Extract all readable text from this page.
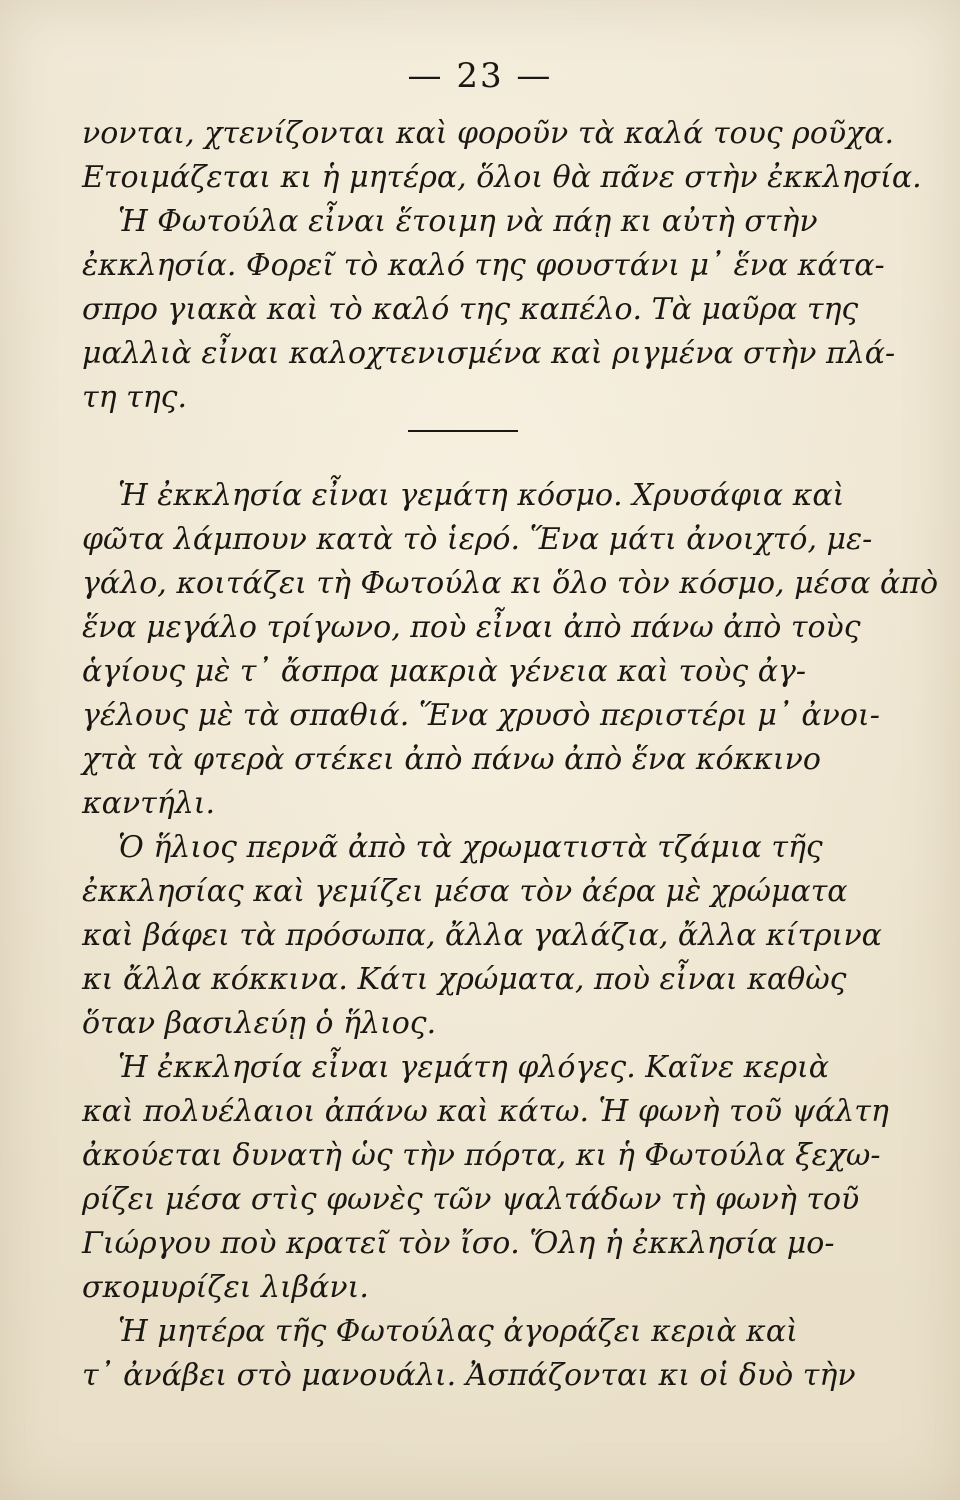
— 23 —
νονται, χτενίζονται καὶ φοροῦν τὰ καλά τους ροῦχα.
Ετοιμάζεται κι ἡ μητέρα, ὅλοι θὰ πᾶνε στὴν ἐκκλησία.
Ἡ Φωτούλα εἶναι ἕτοιμη νὰ πάῃ κι αὐτὴ στὴν
ἐκκλησία. Φορεῖ τὸ καλό της φουστάνι μ᾽ ἕνα κάτα-
σπρο γιακὰ καὶ τὸ καλό της καπέλο. Τὰ μαῦρα της
μαλλιὰ εἶναι καλοχτενισμένα καὶ ριγμένα στὴν πλά-
τη της.
Ἡ ἐκκλησία εἶναι γεμάτη κόσμο. Χρυσάφια καὶ
φῶτα λάμπουν κατὰ τὸ ἱερό. Ἕνα μάτι ἀνοιχτό, με-
γάλο, κοιτάζει τὴ Φωτούλα κι ὅλο τὸν κόσμο, μέσα ἀπὸ
ἕνα μεγάλο τρίγωνο, ποὺ εἶναι ἀπὸ πάνω ἀπὸ τοὺς
ἁγίους μὲ τ᾽ ἄσπρα μακριὰ γένεια καὶ τοὺς ἀγ-
γέλους μὲ τὰ σπαθιά. Ἕνα χρυσὸ περιστέρι μ᾽ ἀνοι-
χτὰ τὰ φτερὰ στέκει ἀπὸ πάνω ἀπὸ ἕνα κόκκινο
καντήλι.
Ὁ ἥλιος περνᾶ ἀπὸ τὰ χρωματιστὰ τζάμια τῆς
ἐκκλησίας καὶ γεμίζει μέσα τὸν ἀέρα μὲ χρώματα
καὶ βάφει τὰ πρόσωπα, ἄλλα γαλάζια, ἄλλα κίτρινα
κι ἄλλα κόκκινα. Κάτι χρώματα, ποὺ εἶναι καθὼς
ὅταν βασιλεύῃ ὁ ἥλιος.
Ἡ ἐκκλησία εἶναι γεμάτη φλόγες. Καῖνε κεριὰ
καὶ πολυέλαιοι ἀπάνω καὶ κάτω. Ἡ φωνὴ τοῦ ψάλτη
ἀκούεται δυνατὴ ὡς τὴν πόρτα, κι ἡ Φωτούλα ξεχω-
ρίζει μέσα στὶς φωνὲς τῶν ψαλτάδων τὴ φωνὴ τοῦ
Γιώργου ποὺ κρατεῖ τὸν ἴσο. Ὅλη ἡ ἐκκλησία μο-
σκομυρίζει λιβάνι.
Ἡ μητέρα τῆς Φωτούλας ἀγοράζει κεριὰ καὶ
τ᾽ ἀνάβει στὸ μανουάλι. Ἀσπάζονται κι οἱ δυὸ τὴν
